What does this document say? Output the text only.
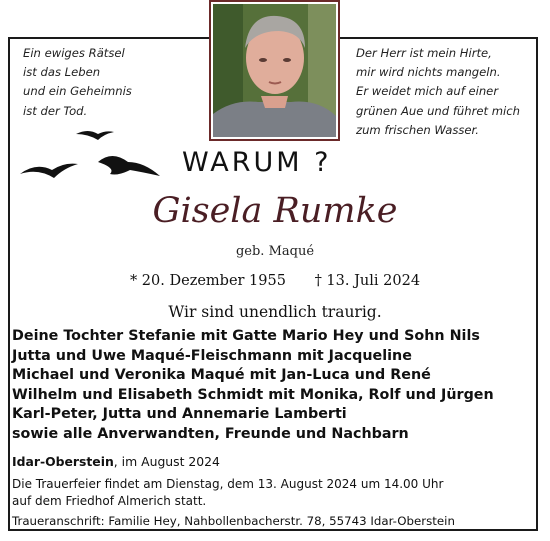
Ein ewiges Rätsel
ist das Leben
und ein Geheimnis
ist der Tod.
Der Herr ist mein Hirte,
mir wird nichts mangeln.
Er weidet mich auf einer
grünen Aue und führet mich
zum frischen Wasser.
WARUM ?
Gisela Rumke
geb. Maqué
* 20. Dezember 1955 † 13. Juli 2024
Wir sind unendlich traurig.
Deine Tochter Stefanie mit Gatte Mario Hey und Sohn Nils
Jutta und Uwe Maqué-Fleischmann mit Jacqueline
Michael und Veronika Maqué mit Jan-Luca und René
Wilhelm und Elisabeth Schmidt mit Monika, Rolf und Jürgen
Karl-Peter, Jutta und Annemarie Lamberti
sowie alle Anverwandten, Freunde und Nachbarn
Idar-Oberstein, im August 2024
Die Trauerfeier findet am Dienstag, dem 13. August 2024 um 14.00 Uhr
auf dem Friedhof Almerich statt.
Traueranschrift: Familie Hey, Nahbollenbacherstr. 78, 55743 Idar-Oberstein
